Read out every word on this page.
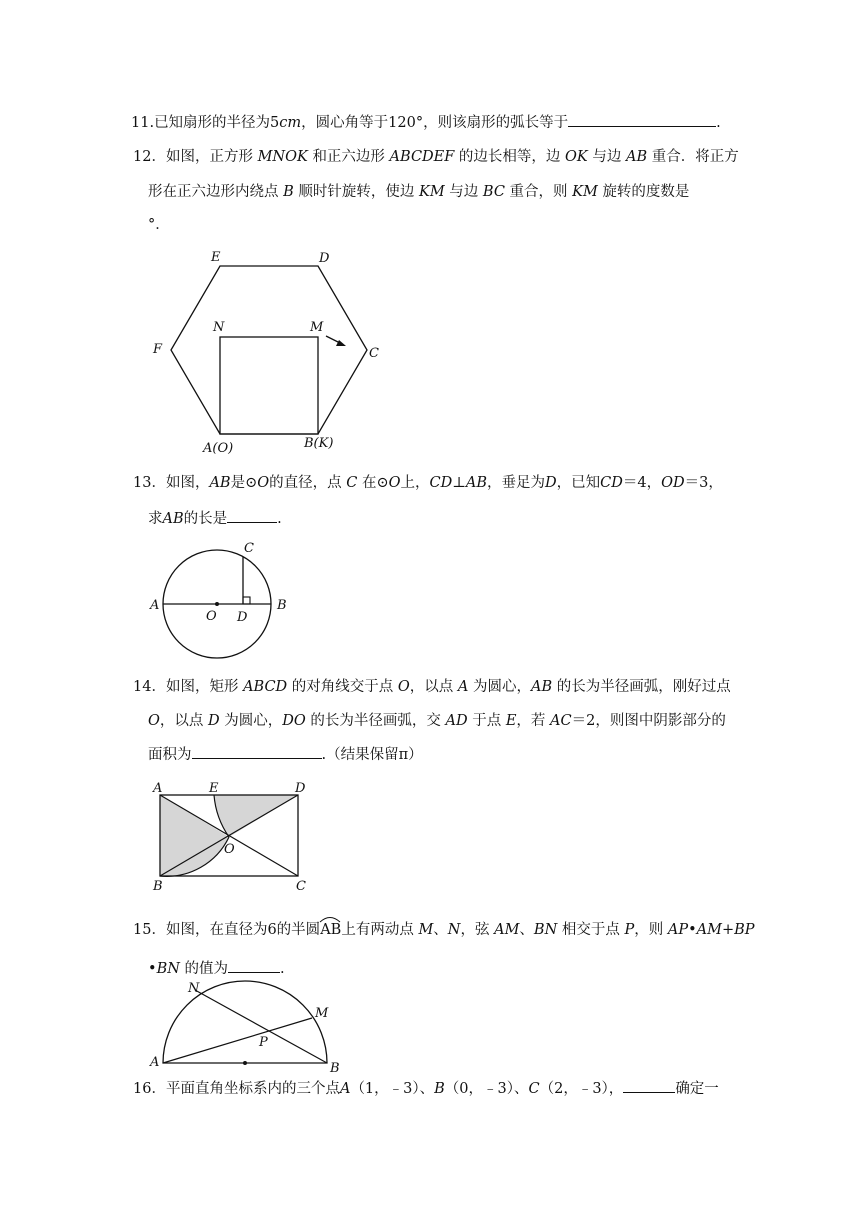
11.已知扇形的半径为5cm，圆心角等于120°，则该扇形的弧长等于	.
12．如图，正方形 MNOK 和正六边形 ABCDEF 的边长相等，边 OK 与边 AB 重合．将正方
形在正六边形内绕点 B 顺时针旋转，使边 KM 与边 BC 重合，则 KM 旋转的度数是
°．
E	D
F	C
N	M
A(O)	B(K)
13．如图，AB是⊙O的直径，点 C 在⊙O上，CD⊥AB，垂足为D，已知CD＝4，OD＝3，
求AB的长是	.
C
A
O D
B
14．如图，矩形 ABCD 的对角线交于点 O，以点 A 为圆心，AB 的长为半径画弧，刚好过点
O，以点 D 为圆心，DO 的长为半径画弧，交 AD 于点 E，若 AC＝2，则图中阴影部分的
面积为	.（结果保留π）
A	E	D
O
B	C
15．如图，在直径为6的半圆
AB上有两动点 M、N，弦 AM、BN 相交于点 P，则 AP•AM+BP
•BN 的值为	.
N
M
P
A	B
16．平面直角坐标系内的三个点A（1，﹣3）、B（0，﹣3）、C（2，﹣3），	确定一
